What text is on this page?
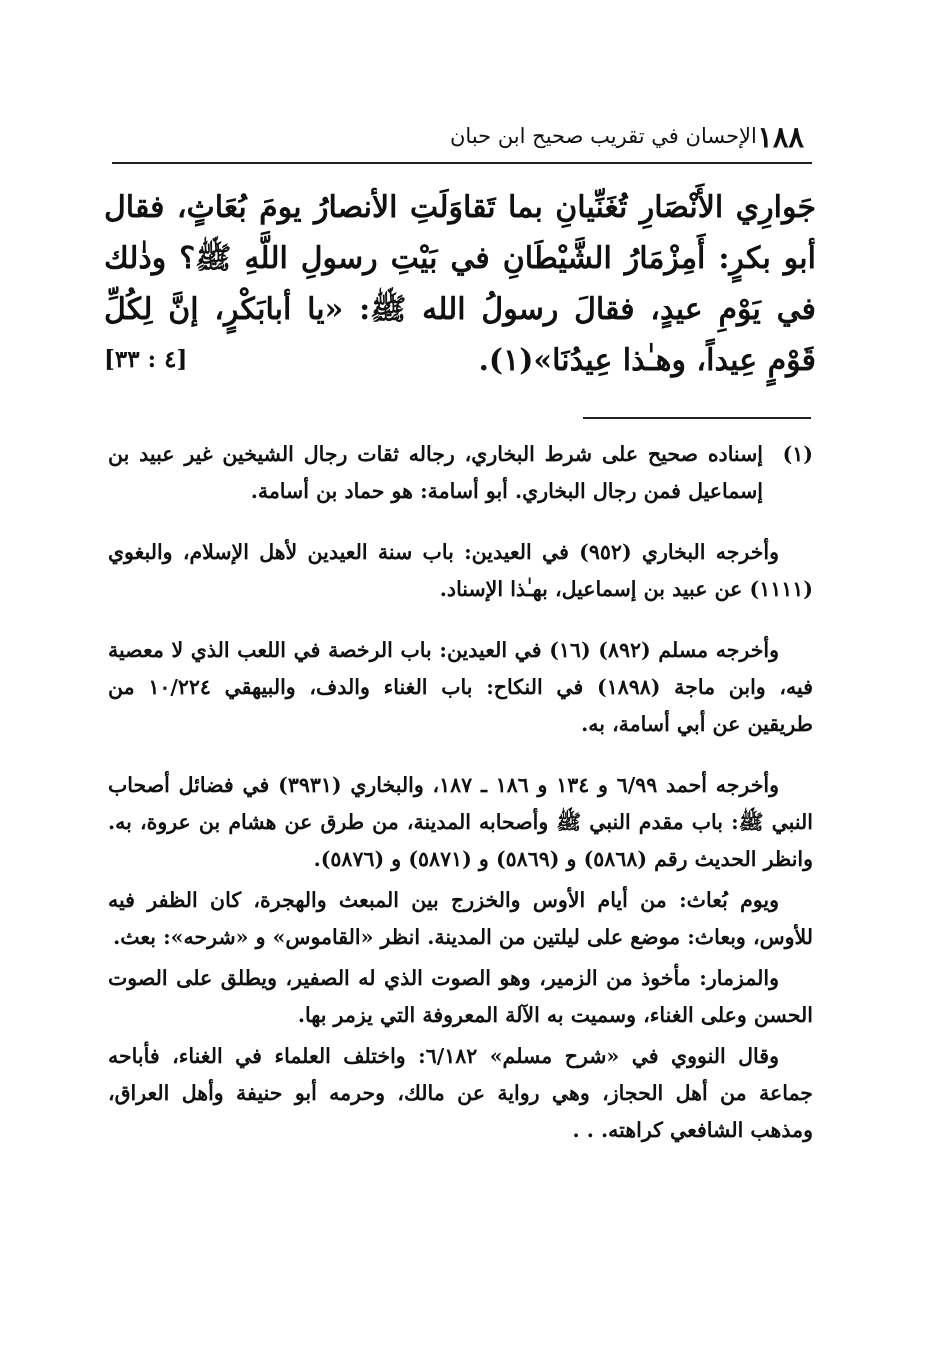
١٨٨
الإحسان في تقريب صحيح ابن حبان

جَوارِي الأَنْصَارِ تُغَنِّيانِ بما تَقاوَلَتِ الأنصارُ يومَ بُعَاثٍ، فقال أبو بكرٍ: أَمِزْمَارُ الشَّيْطَانِ في بَيْتِ رسولِ اللَّهِ ﷺ؟ وذٰلك في يَوْمِ عيدٍ، فقالَ رسولُ الله ﷺ: «يا أبابَكْرٍ، إنَّ لِكُلِّ قَوْمٍ عِيداً، وهـٰذا عِيدُنَا»(١).

[٤ : ٣٣]

(١)إسناده صحيح على شرط البخاري، رجاله ثقات رجال الشيخين غير عبيد بن إسماعيل فمن رجال البخاري. أبو أسامة: هو حماد بن أسامة.

وأخرجه البخاري (٩٥٢) في العيدين: باب سنة العيدين لأهل الإسلام، والبغوي (١١١١) عن عبيد بن إسماعيل، بهـٰذا الإسناد.

وأخرجه مسلم (٨٩٢) (١٦) في العيدين: باب الرخصة في اللعب الذي لا معصية فيه، وابن ماجة (١٨٩٨) في النكاح: باب الغناء والدف، والبيهقي ١٠/٢٢٤ من طريقين عن أبي أسامة، به.

وأخرجه أحمد ٦/٩٩ و ١٣٤ و ١٨٦ ـ ١٨٧، والبخاري (٣٩٣١) في فضائل أصحاب النبي ﷺ: باب مقدم النبي ﷺ وأصحابه المدينة، من طرق عن هشام بن عروة، به. وانظر الحديث رقم (٥٨٦٨) و (٥٨٦٩) و (٥٨٧١) و (٥٨٧٦).

ويوم بُعاث: من أيام الأوس والخزرج بين المبعث والهجرة، كان الظفر فيه للأوس، وبعاث: موضع على ليلتين من المدينة. انظر «القاموس» و «شرحه»: بعث.

والمزمار: مأخوذ من الزمير، وهو الصوت الذي له الصفير، ويطلق على الصوت الحسن وعلى الغناء، وسميت به الآلة المعروفة التي يزمر بها.

وقال النووي في «شرح مسلم» ٦/١٨٢: واختلف العلماء في الغناء، فأباحه جماعة من أهل الحجاز، وهي رواية عن مالك، وحرمه أبو حنيفة وأهل العراق، ومذهب الشافعي كراهته. . .
